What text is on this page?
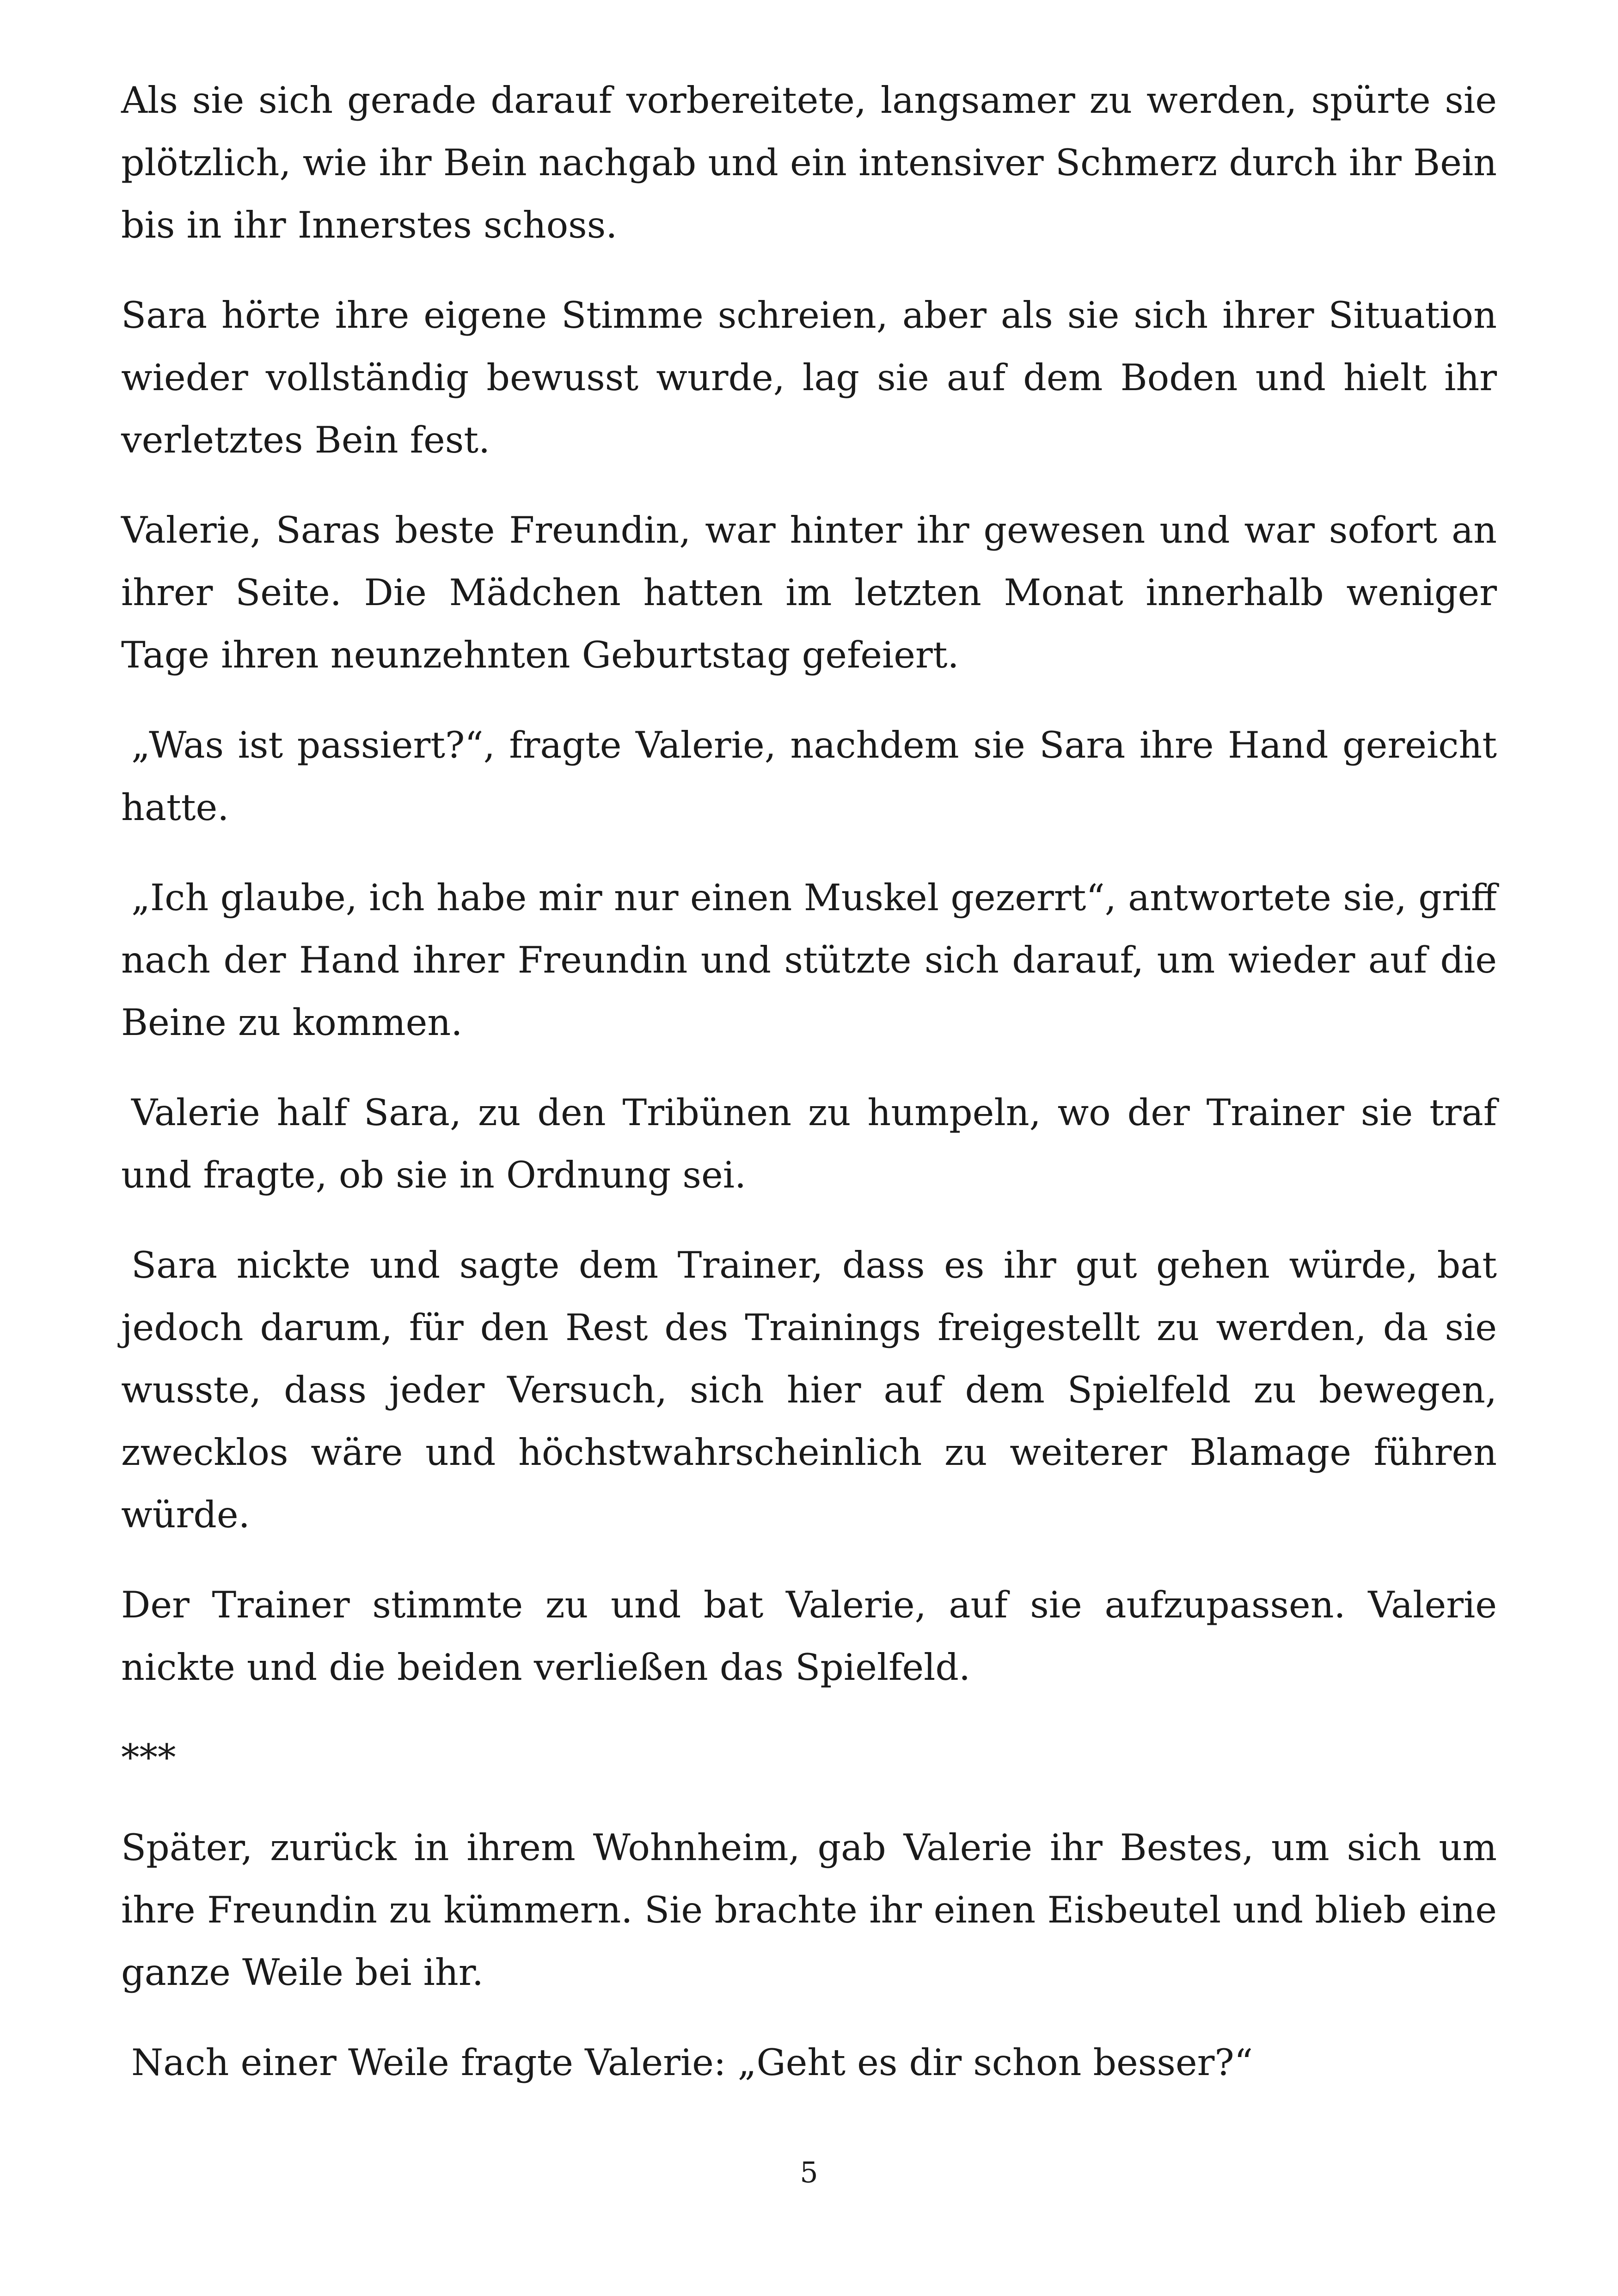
Als sie sich gerade darauf vorbereitete, langsamer zu werden, spürte sie plötzlich, wie ihr Bein nachgab und ein intensiver Schmerz durch ihr Bein bis in ihr Innerstes schoss.

Sara hörte ihre eigene Stimme schreien, aber als sie sich ihrer Situation wieder vollständig bewusst wurde, lag sie auf dem Boden und hielt ihr verletztes Bein fest.

Valerie, Saras beste Freundin, war hinter ihr gewesen und war sofort an ihrer Seite. Die Mädchen hatten im letzten Monat innerhalb weniger Tage ihren neunzehnten Geburtstag gefeiert.

„Was ist passiert?“, fragte Valerie, nachdem sie Sara ihre Hand gereicht hatte.

„Ich glaube, ich habe mir nur einen Muskel gezerrt“, antwortete sie, griff nach der Hand ihrer Freundin und stützte sich darauf, um wieder auf die Beine zu kommen.

Valerie half Sara, zu den Tribünen zu humpeln, wo der Trainer sie traf und fragte, ob sie in Ordnung sei.

Sara nickte und sagte dem Trainer, dass es ihr gut gehen würde, bat jedoch darum, für den Rest des Trainings freigestellt zu werden, da sie wusste, dass jeder Versuch, sich hier auf dem Spielfeld zu bewegen, zwecklos wäre und höchstwahrscheinlich zu weiterer Blamage führen würde.

Der Trainer stimmte zu und bat Valerie, auf sie aufzupassen. Valerie nickte und die beiden verließen das Spielfeld.

***

Später, zurück in ihrem Wohnheim, gab Valerie ihr Bestes, um sich um ihre Freundin zu kümmern. Sie brachte ihr einen Eisbeutel und blieb eine ganze Weile bei ihr.

Nach einer Weile fragte Valerie: „Geht es dir schon besser?“

5
